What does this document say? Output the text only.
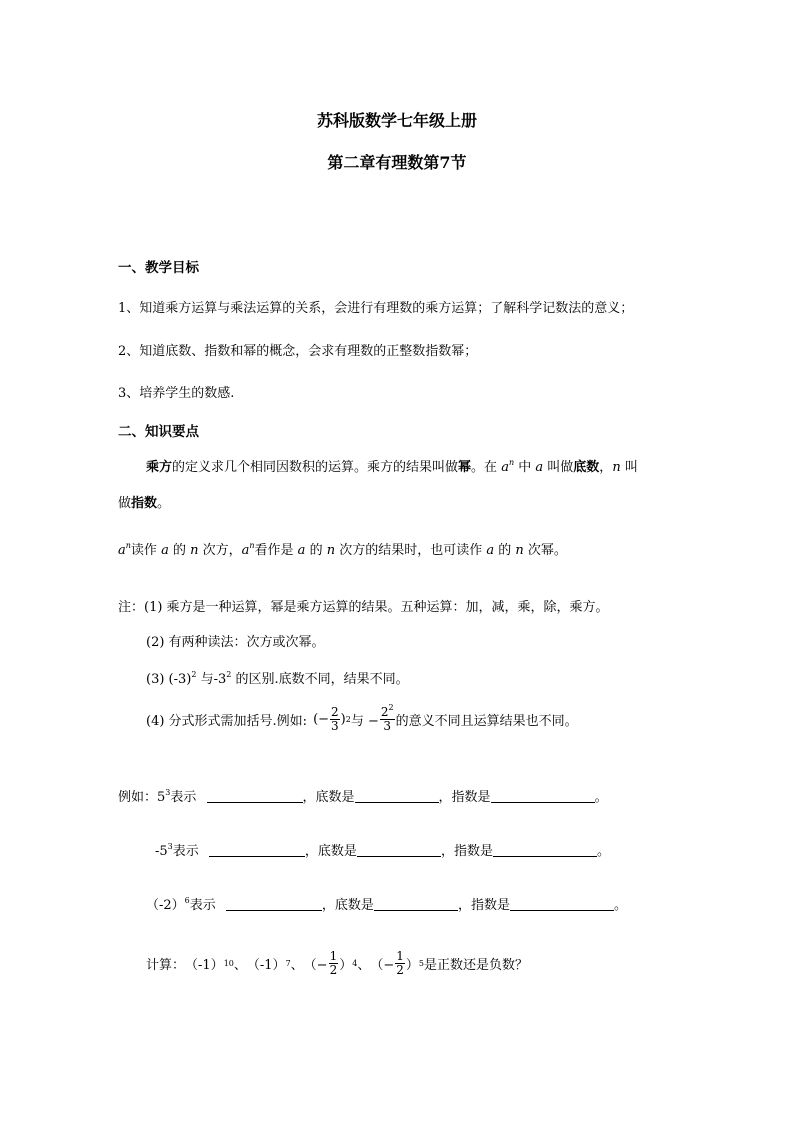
苏科版数学七年级上册
第二章有理数第7节
一、教学目标
1、知道乘方运算与乘法运算的关系，会进行有理数的乘方运算；了解科学记数法的意义；
2、知道底数、指数和幂的概念，会求有理数的正整数指数幂；
3、培养学生的数感.
二、知识要点
乘方的定义求几个相同因数积的运算。乘方的结果叫做幂。在 $a^n$ 中 a 叫做底数，n 叫
做指数。
$a^n$读作 a 的 n 次方，$a^n$看作是 a 的 n 次方的结果时，也可读作 a 的 n 次幂。
注：(1) 乘方是一种运算，幂是乘方运算的结果。五种运算：加，减，乘，除，乘方。
(2) 有两种读法：次方或次幂。
(3) $(-3)^2$ 与$-3^2$ 的区别.底数不同，结果不同。
(4) 分式形式需加括号.例如: (− $\frac{2}{3}$ ) 2 与 − $\frac{2^2}{3}$ 的意义不同且运算结果也不同。
例如：$5^3$表示	，底数是	，指数是	。
$-5^3$表示	，底数是	，指数是	。
$(-2)^6$表示	，底数是	，指数是	。
计算： （-1） 10 、 （-1） 7 、 （− $\frac{1}{2}$ ） 4 、 （− $\frac{1}{2}$ ） 5 是正数还是负数？
